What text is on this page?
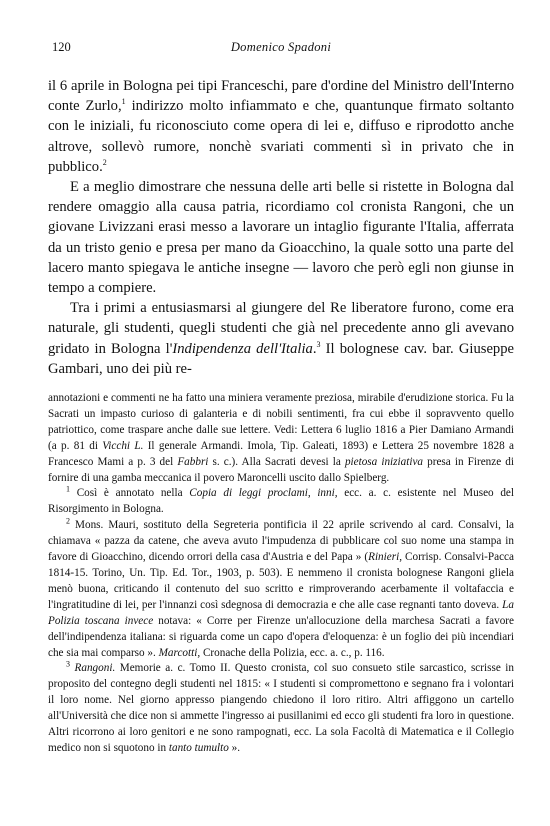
120	Domenico Spadoni

il 6 aprile in Bologna pei tipi Franceschi, pare d'ordine del Ministro dell'Interno conte Zurlo,$^1$ indirizzo molto infiammato e che, quantunque firmato soltanto con le iniziali, fu riconosciuto come opera di lei e, diffuso e riprodotto anche altrove, sollevò rumore, nonchè svariati commenti sì in privato che in pubblico.$^2$

E a meglio dimostrare che nessuna delle arti belle si ristette in Bologna dal rendere omaggio alla causa patria, ricordiamo col cronista Rangoni, che un giovane Livizzani erasi messo a lavorare un intaglio figurante l'Italia, afferrata da un tristo genio e presa per mano da Gioacchino, la quale sotto una parte del lacero manto spiegava le antiche insegne — lavoro che però egli non giunse in tempo a compiere.

Tra i primi a entusiasmarsi al giungere del Re liberatore furono, come era naturale, gli studenti, quegli studenti che già nel precedente anno gli avevano gridato in Bologna l'Indipendenza dell'Italia.$^3$ Il bolognese cav. bar. Giuseppe Gambari, uno dei più re-

annotazioni e commenti ne ha fatto una miniera veramente preziosa, mirabile d'erudizione storica. Fu la Sacrati un impasto curioso di galanteria e di nobili sentimenti, fra cui ebbe il sopravvento quello patriottico, come traspare anche dalle sue lettere. Vedi: Lettera 6 luglio 1816 a Pier Damiano Armandi (a p. 81 di Vicchi L. Il generale Armandi. Imola, Tip. Galeati, 1893) e Lettera 25 novembre 1828 a Francesco Mami a p. 3 del Fabbri s. c.). Alla Sacrati devesi la pietosa iniziativa presa in Firenze di fornire di una gamba meccanica il povero Maroncelli uscito dallo Spielberg.

$^1$ Così è annotato nella Copia di leggi proclami, inni, ecc. a. c. esistente nel Museo del Risorgimento in Bologna.

$^2$ Mons. Mauri, sostituto della Segreteria pontificia il 22 aprile scrivendo al card. Consalvi, la chiamava « pazza da catene, che aveva avuto l'impudenza di pubblicare col suo nome una stampa in favore di Gioacchino, dicendo orrori della casa d'Austria e del Papa » (Rinieri, Corrisp. Consalvi-Pacca 1814-15. Torino, Un. Tip. Ed. Tor., 1903, p. 503). E nemmeno il cronista bolognese Rangoni gliela menò buona, criticando il contenuto del suo scritto e rimproverando acerbamente il voltafaccia e l'ingratitudine di lei, per l'innanzi così sdegnosa di democrazia e che alle case regnanti tanto doveva. La Polizia toscana invece notava: « Corre per Firenze un'allocuzione della marchesa Sacrati a favore dell'indipendenza italiana: si riguarda come un capo d'opera d'eloquenza: è un foglio dei più incendiari che sia mai comparso ». Marcotti, Cronache della Polizia, ecc. a. c., p. 116.

$^3$ Rangoni. Memorie a. c. Tomo II. Questo cronista, col suo consueto stile sarcastico, scrisse in proposito del contegno degli studenti nel 1815: « I studenti si compromettono e segnano fra i volontari il loro nome. Nel giorno appresso piangendo chiedono il loro ritiro. Altri affiggono un cartello all'Università che dice non si ammette l'ingresso ai pusillanimi ed ecco gli studenti fra loro in questione. Altri ricorrono ai loro genitori e ne sono rampognati, ecc. La sola Facoltà di Matematica e il Collegio medico non si squotono in tanto tumulto ».
